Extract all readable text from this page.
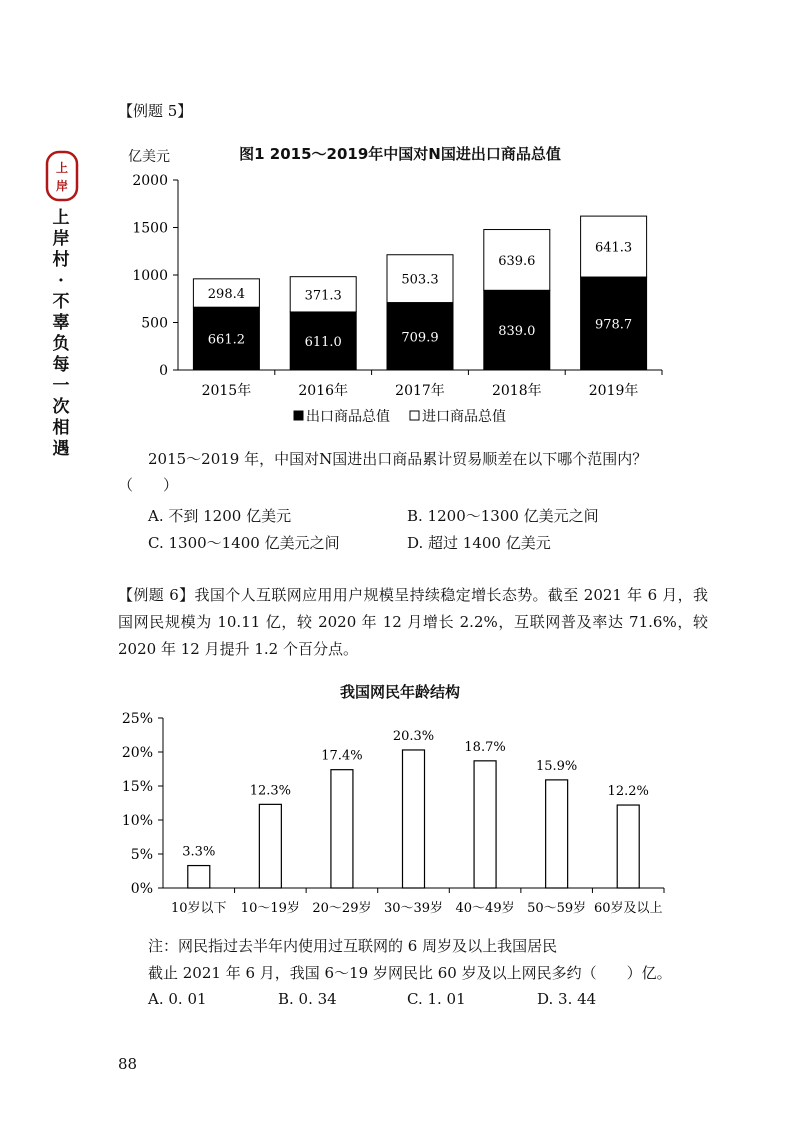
上
岸
上
岸
村
·
不
辜
负
每
一
次
相
遇
【例题 5】
图1 2015～2019年中国对N国进出口商品总值
亿美元
0
500
1000
1500
2000
661.2
298.4
2015年
611.0
371.3
2016年
709.9
503.3
2017年
839.0
639.6
2018年
978.7
641.3
2019年
出口商品总值 进口商品总值
2015～2019 年，中国对N国进出口商品累计贸易顺差在以下哪个范围内？
（　　）
A. 不到 1200 亿美元	B. 1200～1300 亿美元之间
C. 1300～1400 亿美元之间	D. 超过 1400 亿美元
【例题 6】我国个人互联网应用用户规模呈持续稳定增长态势。截至 2021 年 6 月，我国网民规模为 10.11 亿，较 2020 年 12 月增长 2.2%，互联网普及率达 71.6%，较 2020 年 12 月提升 1.2 个百分点。
我国网民年龄结构
0%
5%
10%
15%
20%
25%
3.3%
10岁以下
12.3%
10～19岁
17.4%
20～29岁
20.3%
30～39岁
18.7%
40～49岁
15.9%
50～59岁
12.2%
60岁及以上
注：网民指过去半年内使用过互联网的 6 周岁及以上我国居民
截止 2021 年 6 月，我国 6～19 岁网民比 60 岁及以上网民多约（　　）亿。
A. 0. 01	B. 0. 34	C. 1. 01	D. 3. 44
88
